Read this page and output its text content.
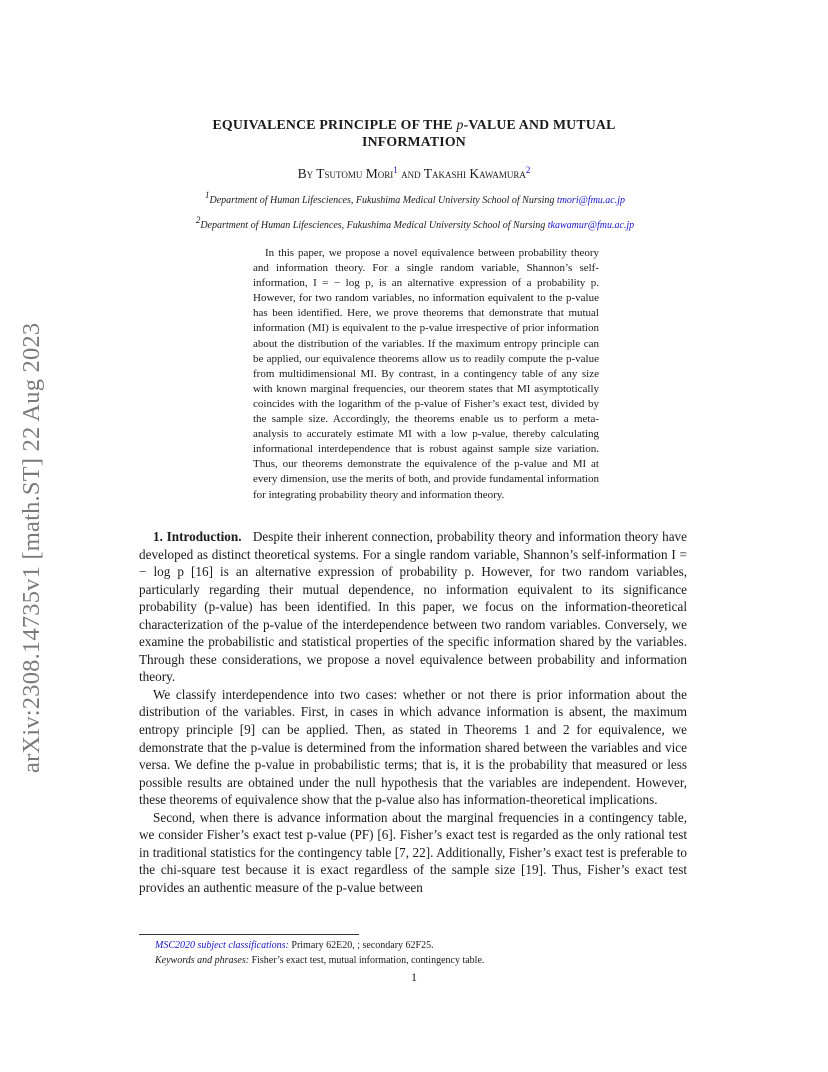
arXiv:2308.14735v1 [math.ST] 22 Aug 2023
EQUIVALENCE PRINCIPLE OF THE p-VALUE AND MUTUAL
INFORMATION
By Tsutomu Mori$^1$ and Takashi Kawamura$^2$
$^1$Department of Human Lifesciences, Fukushima Medical University School of Nursing tmori@fmu.ac.jp
$^2$Department of Human Lifesciences, Fukushima Medical University School of Nursing tkawamur@fmu.ac.jp

In this paper, we propose a novel equivalence between probability theory and information theory. For a single random variable, Shannon’s self-information, I = − log p, is an alternative expression of a probability p. However, for two random variables, no information equivalent to the p-value has been identified. Here, we prove theorems that demonstrate that mutual information (MI) is equivalent to the p-value irrespective of prior information about the distribution of the variables. If the maximum entropy principle can be applied, our equivalence theorems allow us to readily compute the p-value from multidimensional MI. By contrast, in a contingency table of any size with known marginal frequencies, our theorem states that MI asymptotically coincides with the logarithm of the p-value of Fisher’s exact test, divided by the sample size. Accordingly, the theorems enable us to perform a meta-analysis to accurately estimate MI with a low p-value, thereby calculating informational interdependence that is robust against sample size variation. Thus, our theorems demonstrate the equivalence of the p-value and MI at every dimension, use the merits of both, and provide fundamental information for integrating probability theory and information theory.

1. Introduction. Despite their inherent connection, probability theory and information theory have developed as distinct theoretical systems. For a single random variable, Shannon’s self-information I = − log p [16] is an alternative expression of probability p. However, for two random variables, particularly regarding their mutual dependence, no information equivalent to its significance probability (p-value) has been identified. In this paper, we focus on the information-theoretical characterization of the p-value of the interdependence between two random variables. Conversely, we examine the probabilistic and statistical properties of the specific information shared by the variables. Through these considerations, we propose a novel equivalence between probability and information theory.

We classify interdependence into two cases: whether or not there is prior information about the distribution of the variables. First, in cases in which advance information is absent, the maximum entropy principle [9] can be applied. Then, as stated in Theorems 1 and 2 for equivalence, we demonstrate that the p-value is determined from the information shared between the variables and vice versa. We define the p-value in probabilistic terms; that is, it is the probability that measured or less possible results are obtained under the null hypothesis that the variables are independent. However, these theorems of equivalence show that the p-value also has information-theoretical implications.

Second, when there is advance information about the marginal frequencies in a contingency table, we consider Fisher’s exact test p-value (PF) [6]. Fisher’s exact test is regarded as the only rational test in traditional statistics for the contingency table [7, 22]. Additionally, Fisher’s exact test is preferable to the chi-square test because it is exact regardless of the sample size [19]. Thus, Fisher’s exact test provides an authentic measure of the p-value between

MSC2020 subject classifications: Primary 62E20, ; secondary 62F25.
Keywords and phrases: Fisher’s exact test, mutual information, contingency table.
1
